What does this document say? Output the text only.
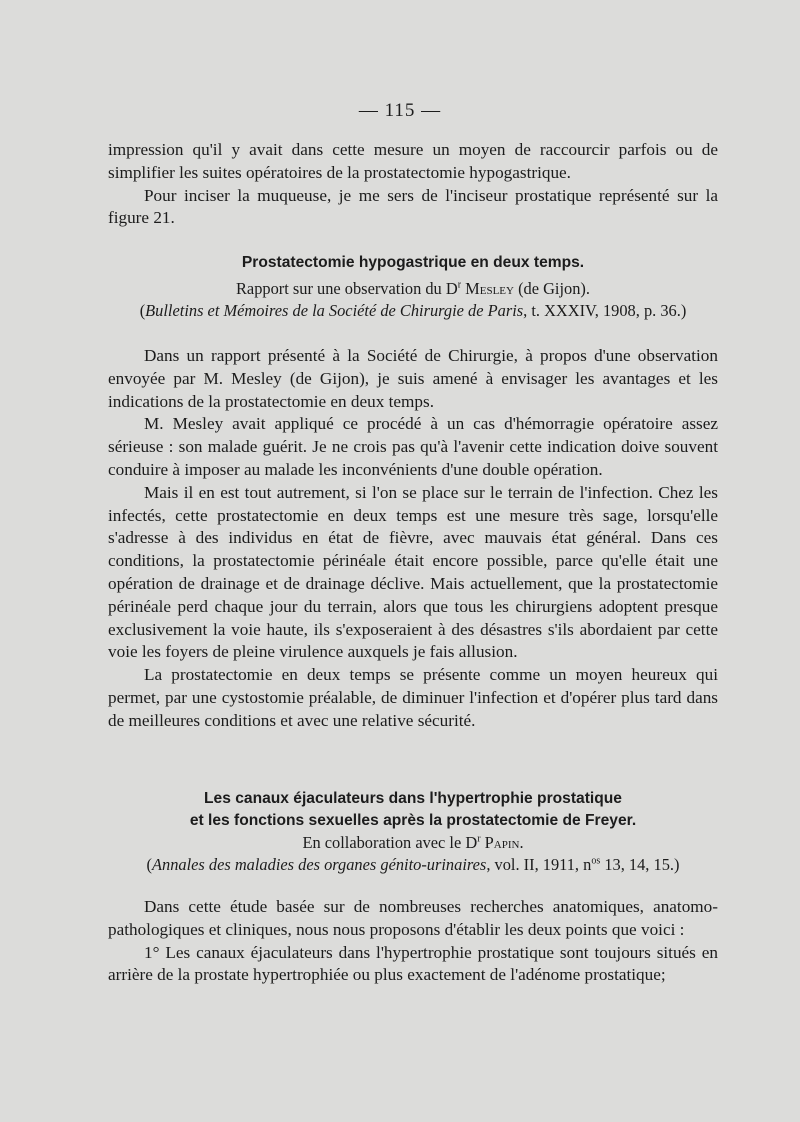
— 115 —

impression qu'il y avait dans cette mesure un moyen de raccourcir parfois ou de simplifier les suites opératoires de la prostatectomie hypogastrique.

Pour inciser la muqueuse, je me sers de l'inciseur prostatique représenté sur la figure 21.

Prostatectomie hypogastrique en deux temps.
Rapport sur une observation du $D^r$ Mesley (de Gijon).
(Bulletins et Mémoires de la Société de Chirurgie de Paris, t. XXXIV, 1908, p. 36.)

Dans un rapport présenté à la Société de Chirurgie, à propos d'une observation envoyée par M. Mesley (de Gijon), je suis amené à envisager les avantages et les indications de la prostatectomie en deux temps.

M. Mesley avait appliqué ce procédé à un cas d'hémorragie opératoire assez sérieuse : son malade guérit. Je ne crois pas qu'à l'avenir cette indication doive souvent conduire à imposer au malade les inconvénients d'une double opération.

Mais il en est tout autrement, si l'on se place sur le terrain de l'infection. Chez les infectés, cette prostatectomie en deux temps est une mesure très sage, lorsqu'elle s'adresse à des individus en état de fièvre, avec mauvais état général. Dans ces conditions, la prostatectomie périnéale était encore possible, parce qu'elle était une opération de drainage et de drainage déclive. Mais actuellement, que la prostatectomie périnéale perd chaque jour du terrain, alors que tous les chirurgiens adoptent presque exclusivement la voie haute, ils s'exposeraient à des désastres s'ils abordaient par cette voie les foyers de pleine virulence auxquels je fais allusion.

La prostatectomie en deux temps se présente comme un moyen heureux qui permet, par une cystostomie préalable, de diminuer l'infection et d'opérer plus tard dans de meilleures conditions et avec une relative sécurité.

Les canaux éjaculateurs dans l'hypertrophie prostatique
et les fonctions sexuelles après la prostatectomie de Freyer.
En collaboration avec le $D^r$ Papin.
(Annales des maladies des organes génito-urinaires, vol. II, 1911, $n^{os}$ 13, 14, 15.)

Dans cette étude basée sur de nombreuses recherches anatomiques, anatomo-pathologiques et cliniques, nous nous proposons d'établir les deux points que voici :

1° Les canaux éjaculateurs dans l'hypertrophie prostatique sont toujours situés en arrière de la prostate hypertrophiée ou plus exactement de l'adénome prostatique;
